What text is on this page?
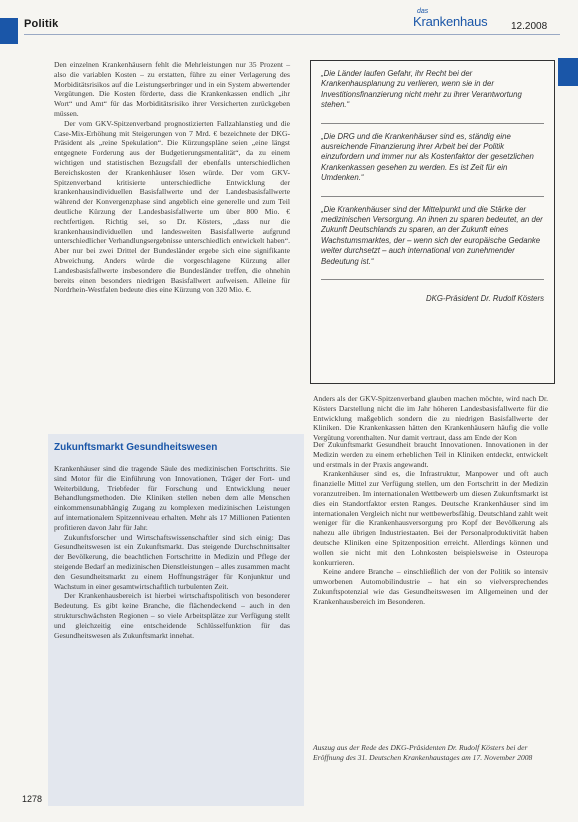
Politik
das
Krankenhaus 12.2008

Den einzelnen Krankenhäusern fehlt die Mehrleistungen nur 35 Prozent – also die variablen Kosten – zu erstatten, führe zu einer Verlagerung des Morbiditätsrisikos auf die Leistungserbringer und in ein System abwertender Vergütungen. Die Kosten förderte, dass die Krankenkassen endlich „ihr Wort“ und Amt“ für das Morbiditätsrisiko ihrer Versicherten zurückgeben müssen.

Der vom GKV-Spitzenverband prognostizierten Fallzahlanstieg und die Case-Mix-Erhöhung mit Steigerungen von 7 Mrd. € bezeichnete der DKG-Präsident als „reine Spekulation“. Die Kürzungspläne seien „eine längst entgegnete Forderung aus der Budgetierungsmentalität“, da zu einem wichtigen und statistischen Bezugsfall der ebenfalls unterschiedlichen Bereichskosten der Krankenhäuser lösen würde. Der vom GKV-Spitzenverband kritisierte unterschiedliche Entwicklung der krankenhausindividuellen Basisfallwerte und der Landesbasisfallwerte während der Konvergenzphase sind angeblich eine generelle und zum Teil deutliche Kürzung der Landesbasisfallwerte um über 800 Mio. € rechtfertigen. Richtig sei, so Dr. Kösters, „dass nur die krankenhausindividuellen und landesweiten Basisfallwerte aufgrund unterschiedlicher Verhandlungsergebnisse unterschiedlich entwickelt haben“. Aber nur bei zwei Drittel der Bundesländer ergebe sich eine signifikante Abweichung. Anders würde die vorgeschlagene Kürzung aller Landesbasisfallwerte insbesondere die Bundesländer treffen, die ohnehin bereits einen besonders niedrigen Basisfallwert aufweisen. Alleine für Nordrhein-Westfalen bedeute dies eine Kürzung von 320 Mio. €.

„Die Länder laufen Gefahr, ihr Recht bei der Krankenhausplanung zu verlieren, wenn sie in der Investitionsfinanzierung nicht mehr zu ihrer Verantwortung stehen.“

„Die DRG und die Krankenhäuser sind es, ständig eine ausreichende Finanzierung ihrer Arbeit bei der Politik einzufordern und immer nur als Kostenfaktor der gesetzlichen Krankenkassen gesehen zu werden. Es ist Zeit für ein Umdenken.“

„Die Krankenhäuser sind der Mittelpunkt und die Stärke der medizinischen Versorgung. An ihnen zu sparen bedeutet, an der Zukunft Deutschlands zu sparen, an der Zukunft eines Wachstumsmarktes, der – wenn sich der europäische Gedanke weiter durchsetzt – auch international von zunehmender Bedeutung ist.“

DKG-Präsident Dr. Rudolf Kösters

Anders als der GKV-Spitzenverband glauben machen möchte, wird nach Dr. Kösters Darstellung nicht die im Jahr höheren Landesbasisfallwerte für die Entwicklung maßgeblich sondern die zu niedrigen Basisfallwerte der Kliniken. Die Krankenkassen hätten den Krankenhäusern häufig die volle Vergütung vorenthalten. Nur damit vertraut, dass am Ende der Kon

Zukunftsmarkt Gesundheitswesen

Krankenhäuser sind die tragende Säule des medizinischen Fortschritts. Sie sind Motor für die Einführung von Innovationen, Träger der Fort- und Weiterbildung, Triebfeder für Forschung und Entwicklung neuer Behandlungsmethoden. Die Kliniken stellen neben dem alle Menschen einkommensunabhängig Zugang zu komplexen medizinischen Leistungen auf internationalem Spitzenniveau erhalten. Mehr als 17 Millionen Patienten profitieren davon Jahr für Jahr.

Zukunftsforscher und Wirtschaftswissenschaftler sind sich einig: Das Gesundheitswesen ist ein Zukunftsmarkt. Das steigende Durchschnittsalter der Bevölkerung, die beachtlichen Fortschritte in Medizin und Pflege der steigende Bedarf an medizinischen Dienstleistungen – alles zusammen macht den Gesundheitsmarkt zu einem Hoffnungsträger für Konjunktur und Wachstum in einer gesamtwirtschaftlich turbulenten Zeit.

Der Krankenhausbereich ist hierbei wirtschaftspolitisch von besonderer Bedeutung. Es gibt keine Branche, die flächendeckend – auch in den strukturschwächsten Regionen – so viele Arbeitsplätze zur Verfügung stellt und gleichzeitig eine entscheidende Schlüsselfunktion für das Gesundheitswesen als Zukunftsmarkt innehat.

Der Zukunftsmarkt Gesundheit braucht Innovationen. Innovationen in der Medizin werden zu einem erheblichen Teil in Kliniken entdeckt, entwickelt und erstmals in der Praxis angewandt.

Krankenhäuser sind es, die Infrastruktur, Manpower und oft auch finanzielle Mittel zur Verfügung stellen, um den Fortschritt in der Medizin voranzutreiben. Im internationalen Wettbewerb um diesen Zukunftsmarkt ist dies ein Standortfaktor ersten Ranges. Deutsche Krankenhäuser sind im internationalen Vergleich nicht nur wettbewerbsfähig. Deutschland zahlt weit weniger für die Krankenhausversorgung pro Kopf der Bevölkerung als nahezu alle übrigen Industriestaaten. Bei der Personalproduktivität haben deutsche Kliniken eine Spitzenposition erreicht. Allerdings können und wollen sie nicht mit den Lohnkosten beispielsweise in Osteuropa konkurrieren.

Keine andere Branche – einschließlich der von der Politik so intensiv umworbenen Automobilindustrie – hat ein so vielversprechendes Zukunftspotenzial wie das Gesundheitswesen im Allgemeinen und der Krankenhausbereich im Besonderen.

Auszug aus der Rede des DKG-Präsidenten Dr. Rudolf Kösters bei der Eröffnung des 31. Deutschen Krankenhaustages am 17. November 2008

1278
